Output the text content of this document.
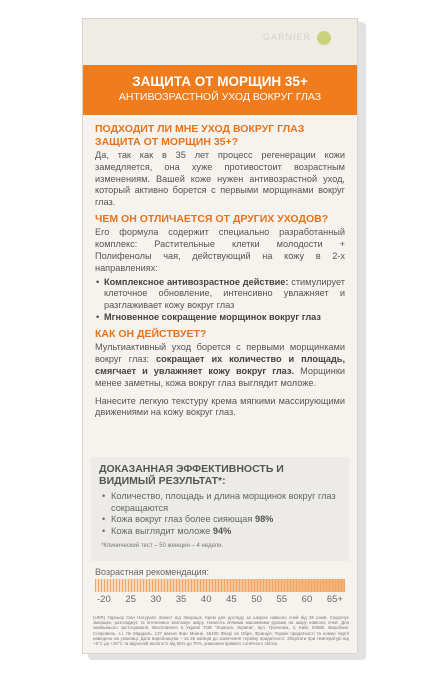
GARNIER
ЗАЩИТА ОТ МОРЩИН 35+
АНТИВОЗРАСТНОЙ УХОД ВОКРУГ ГЛАЗ
ПОДХОДИТ ЛИ МНЕ УХОД ВОКРУГ ГЛАЗ ЗАЩИТА ОТ МОРЩИН 35+?

Да, так как в 35 лет процесс регенерации кожи замедляется, она хуже противостоит возрастным изменениям. Вашей коже нужен антивозрастной уход, который активно борется с первыми морщинами вокруг глаз.

ЧЕМ ОН ОТЛИЧАЕТСЯ ОТ ДРУГИХ УХОДОВ?

Его формула содержит специально разработанный комплекс: Растительные клетки молодости + Полифенолы чая, действующий на кожу в 2-х направлениях:

• Комплексное антивозрастное действие: стимулирует клеточное обновление, интенсивно увлажняет и разглаживает кожу вокруг глаз
• Мгновенное сокращение морщинок вокруг глаз
КАК ОН ДЕЙСТВУЕТ?

Мультиактивный уход борется с первыми морщинками вокруг глаз: сокращает их количество и площадь, смягчает и увлажняет кожу вокруг глаз. Морщинки менее заметны, кожа вокруг глаз выглядит моложе.

Нанесите легкую текстуру крема мягкими массирующими движениями на кожу вокруг глаз.

ДОКАЗАННАЯ ЭФФЕКТИВНОСТЬ И ВИДИМЫЙ РЕЗУЛЬТАТ*:
• Количество, площадь и длина морщинок вокруг глаз сокращаются
• Кожа вокруг глаз более сияющая 98%
• Кожа выглядит моложе 94%
*Клинический тест – 50 женщин – 4 недели.
Возрастная рекомендация:
-20 25 30 35 40 45 50 55 60 65+
(UKR) Гарньєр Скін Натуралс Захист від Зморщок. Крем для догляду за шкірою навколо очей від 35 років. Скорочує зморщки, розгладжує та інтенсивно зволожує шкіру. Нанесіть м'якими масажними рухами на шкіру навколо очей. Для зовнішнього застосування. Виготовлено в Україні ТОВ "Лореаль Україна", вул. Грінченка, 4, Київ, 03680. Виробник: Сопровель, з.і. Ле Мардаль, 137 авеню Жан Монне, 45400 Флері ле Обре, Франція. Термін придатності та номер партії наведено на упаковці. Дата виробництва – за 36 місяців до закінчення терміну придатності. Зберігати при температурі від +5°С до +25°С та відносній вологості від 55% до 70%, уникаючи прямого сонячного світла.
